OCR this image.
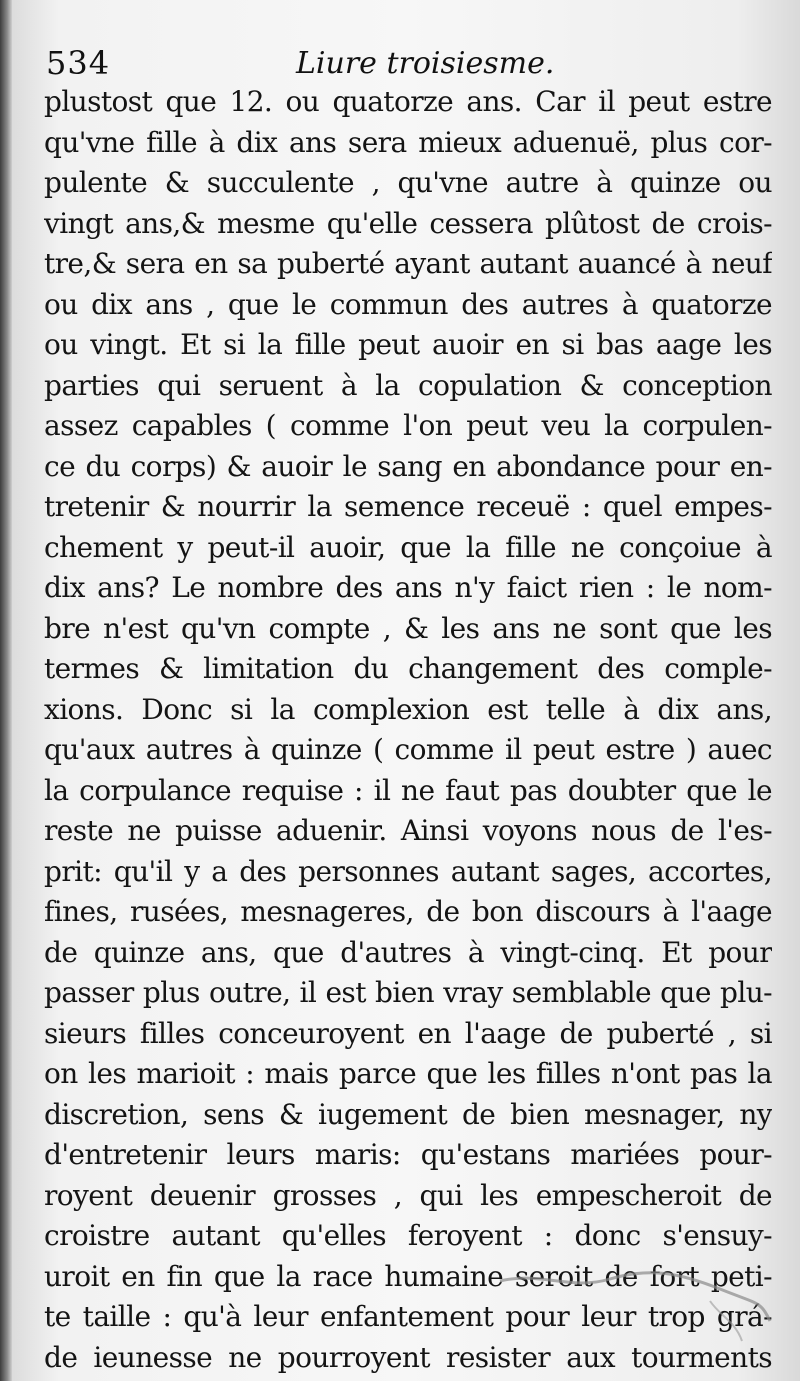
534	Liure troisiesme.
plustost que 12. ou quatorze ans. Car il peut estre
qu'vne fille à dix ans sera mieux aduenuë, plus cor-
pulente & succulente , qu'vne autre à quinze ou
vingt ans,& mesme qu'elle cessera plûtost de crois-
tre,& sera en sa puberté ayant autant auancé à neuf
ou dix ans , que le commun des autres à quatorze
ou vingt. Et si la fille peut auoir en si bas aage les
parties qui seruent à la copulation & conception
assez capables ( comme l'on peut veu la corpulen-
ce du corps) & auoir le sang en abondance pour en-
tretenir & nourrir la semence receuë : quel empes-
chement y peut-il auoir, que la fille ne conçoiue à
dix ans? Le nombre des ans n'y faict rien : le nom-
bre n'est qu'vn compte , & les ans ne sont que les
termes & limitation du changement des comple-
xions. Donc si la complexion est telle à dix ans,
qu'aux autres à quinze ( comme il peut estre ) auec
la corpulance requise : il ne faut pas doubter que le
reste ne puisse aduenir. Ainsi voyons nous de l'es-
prit: qu'il y a des personnes autant sages, accortes,
fines, rusées, mesnageres, de bon discours à l'aage
de quinze ans, que d'autres à vingt-cinq. Et pour
passer plus outre, il est bien vray semblable que plu-
sieurs filles conceuroyent en l'aage de puberté , si
on les marioit : mais parce que les filles n'ont pas la
discretion, sens & iugement de bien mesnager, ny
d'entretenir leurs maris: qu'estans mariées pour-
royent deuenir grosses , qui les empescheroit de
croistre autant qu'elles feroyent : donc s'ensuy-
uroit en fin que la race humaine seroit de fort peti-
te taille : qu'à leur enfantement pour leur trop grá-
de ieunesse ne pourroyent resister aux tourments
